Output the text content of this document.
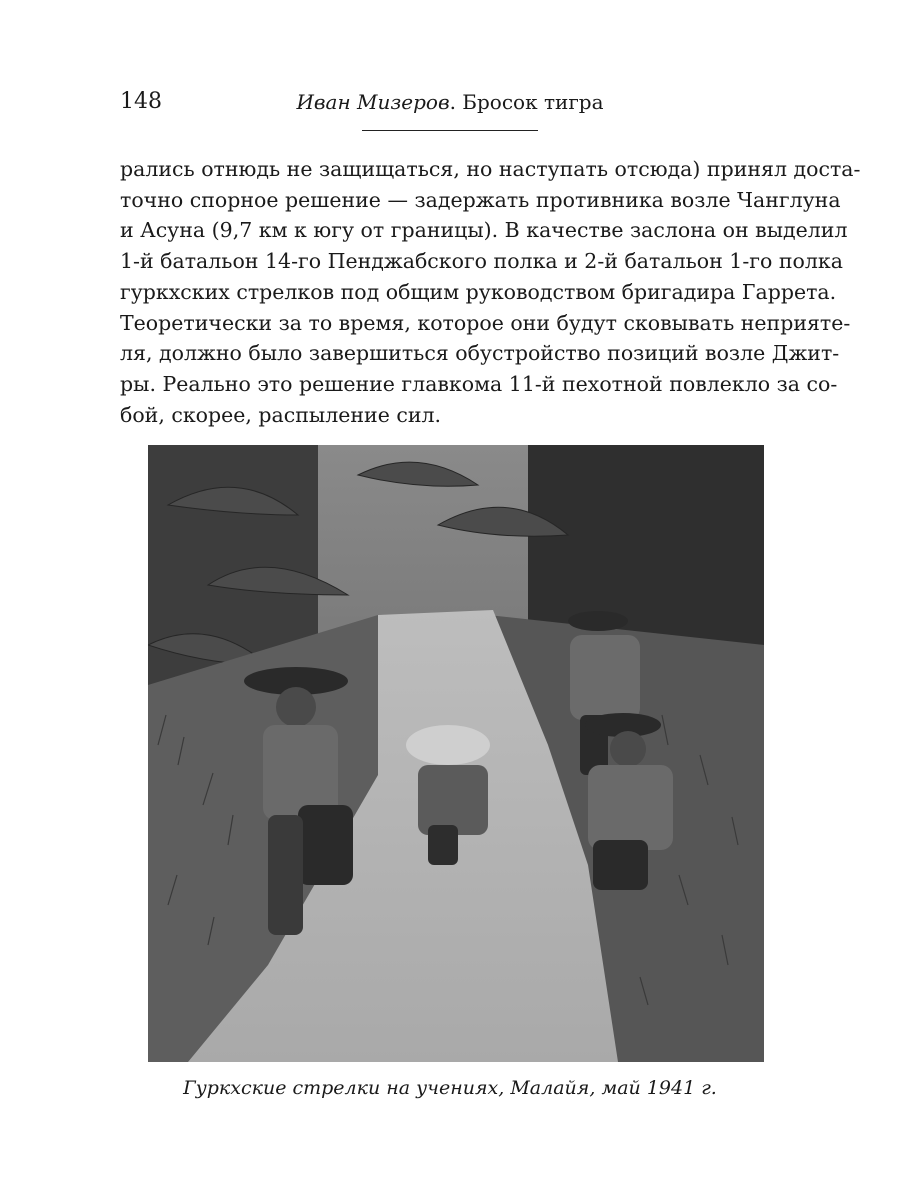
148	Иван Мизеров. Бросок тигра
рались отнюдь не защищаться, но наступать отсюда) принял доста-
точно спорное решение — задержать противника возле Чанглуна
и Асуна (9,7 км к югу от границы). В качестве заслона он выделил
1-й батальон 14-го Пенджабского полка и 2-й батальон 1-го полка
гуркхских стрелков под общим руководством бригадира Гаррета.
Теоретически за то время, которое они будут сковывать неприяте-
ля, должно было завершиться обустройство позиций возле Джит-
ры. Реально это решение главкома 11-й пехотной повлекло за со-
бой, скорее, распыление сил.
Гуркхские стрелки на учениях, Малайя, май 1941 г.
